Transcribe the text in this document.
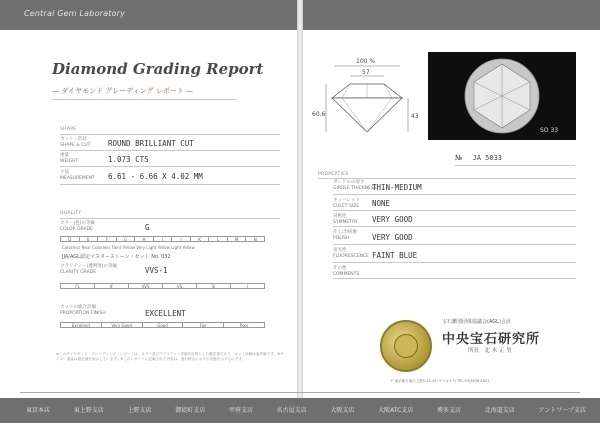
Central Gem Laboratory
Diamond Grading Report
— ダイヤモンド グレーディング レポート —
SHAPE
カット・形状
SHAPE & CUT ROUND BRILLIANT CUT
重量
WEIGHT	1.073 CTS
寸法
MEASUREMENT 6.61 - 6.66 X 4.02 MM
QUALITY
カラー(色)の等級
COLOR GRADE	G
D	E	F	G	H	I	J	K	L	M	N
Colorless Near Colorless Faint Yellow Very Light Yellow Light Yellow
JJA/AGL認定マスターストーン・セット No. 032
クラリティー(透明度)の等級
CLARITY GRADE	VVS-1
FL	IF	VVS	VS	SI	I
カットの総合評価
PROPORTION FINISH	EXCELLENT
Excellent	Very Good	Good	Fair	Poor
※このダイヤモンド・グレーディング・レポートは、カラー及びクラリティー評価を目的とした鑑定書であり、カット評価は参考値です。※サイズ・重量は測定値を表示しています。※このレポートに記載された内容は、発行時点における状態を示すものです。
100 %
57
60.6	43
SO 33
№ JA 5033
PROPERTIES
ガードルの厚さ
GIRDLE THICKNESS
THIN-MEDIUM
キューレット
CULET SIZE NONE
対称性
SYMMETRY VERY GOOD
仕上げ/研磨
POLISH	VERY GOOD
蛍光性
FLUORESCENCE FAINT BLUE
その他
COMMENTS
宝石鑑別団体協議会(AGL)会員
中央宝石研究所
所長　北 木 正 男
〒 東京都台東区上野5-15-14 (サビオ4 F) TEL 03(3836)1627
東京本店	東上野支店	上野支店	御徒町支店	甲府支店	名古屋支店	大阪支店	大阪ATC支店	博多支店	北海道支店	アントワープ支店
